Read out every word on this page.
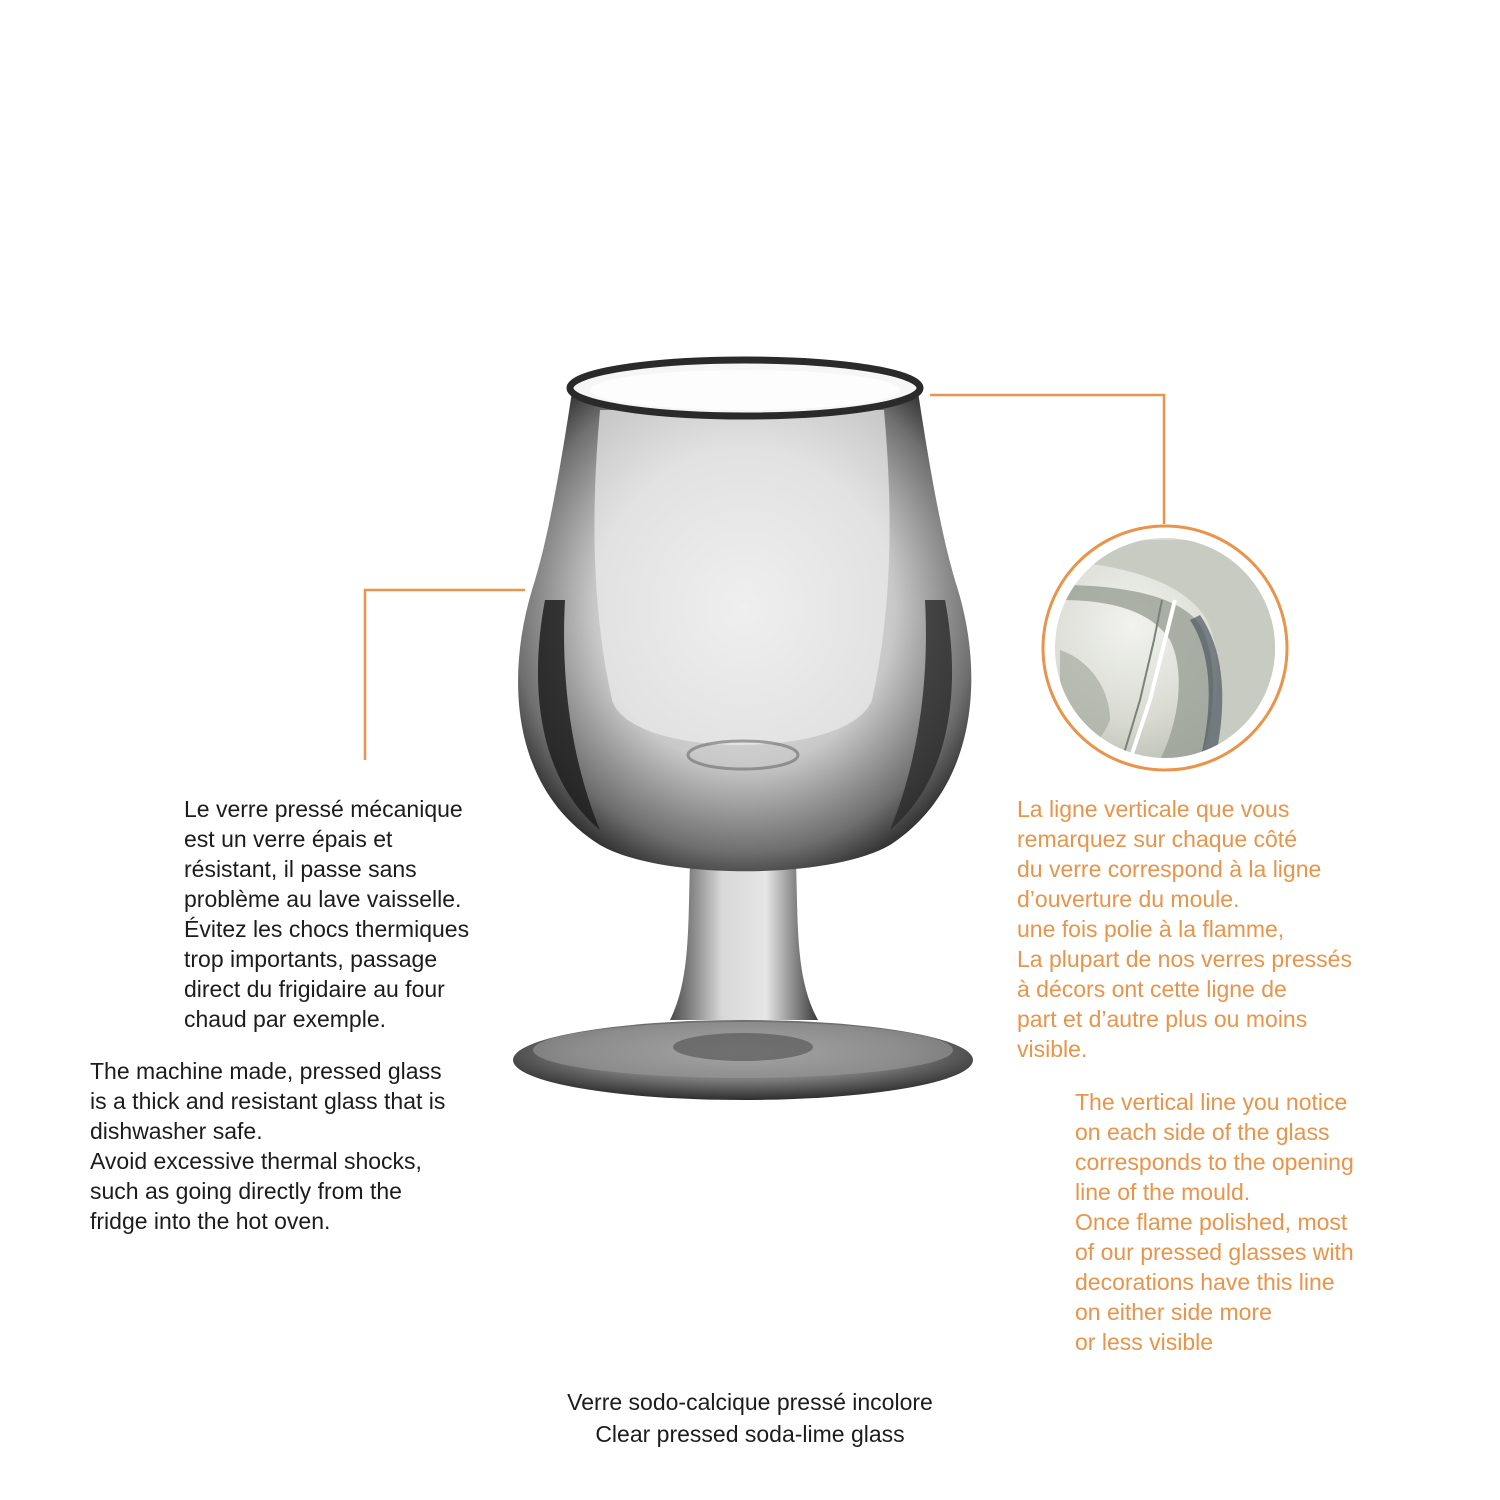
Le verre pressé mécanique
est un verre épais et
résistant, il passe sans
problème au lave vaisselle.
Évitez les chocs thermiques
trop importants, passage
direct du frigidaire au four
chaud par exemple.
The machine made, pressed glass
is a thick and resistant glass that is
dishwasher safe.
Avoid excessive thermal shocks,
such as going directly from the
fridge into the hot oven.
La ligne verticale que vous
remarquez sur chaque côté
du verre correspond à la ligne
d’ouverture du moule.
une fois polie à la flamme,
La plupart de nos verres pressés
à décors ont cette ligne de
part et d’autre plus ou moins
visible.
The vertical line you notice
on each side of the glass
corresponds to the opening
line of the mould.
Once flame polished, most
of our pressed glasses with
decorations have this line
on either side more
or less visible
Verre sodo-calcique pressé incolore
Clear pressed soda-lime glass
